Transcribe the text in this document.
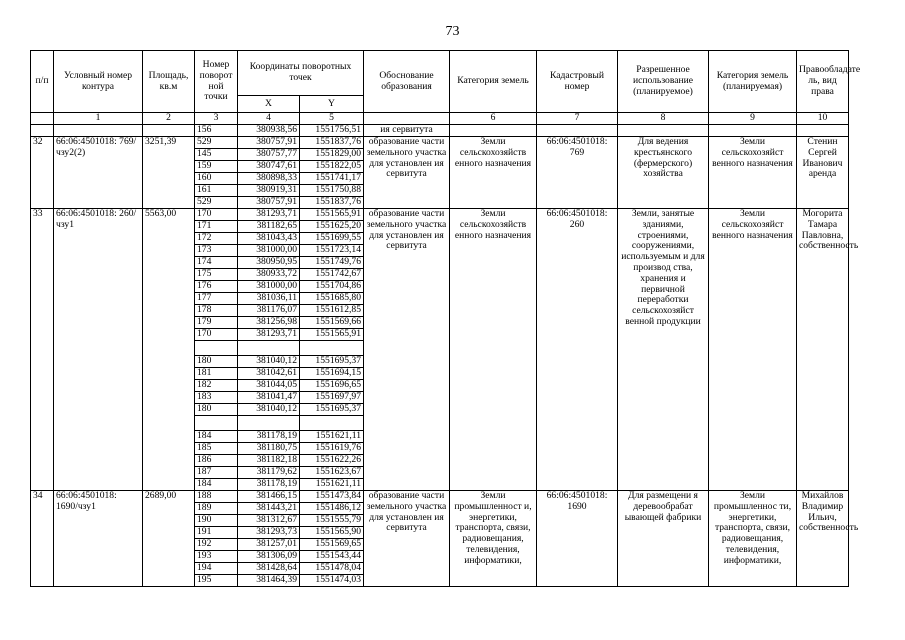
73
п/п	Условный номер контура	Площадь, кв.м	Номер поворот ной точки	Координаты поворотных точек		Обоснование образования	Категория земель	Кадастровый номер	Разрешенное использование (планируемое)	Категория земель (планируемая)	Правообладате ль, вид права
				X	Y						
	1	2	3	4	5		6	7	8	9	10
			156	380938,56	1551756,51	ия сервитута					
32	66:06:4501018: 769/чзу2(2)	3251,39	529	380757,91	1551837,76	образование части земельного участка для установлен ия сервитута	Земли сельскохозяйств енного назначения	66:06:4501018: 769	Для ведения крестьянского (фермерского) хозяйства	Земли сельскохозяйст венного назначения	Стенин Сергей Иванович аренда
			145	380757,77	1551829,00						
			159	380747,61	1551822,05						
			160	380898,33	1551741,17						
			161	380919,31	1551750,88						
			529	380757,91	1551837,76						
33	66:06:4501018: 260/чзу1	5563,00	170	381293,71	1551565,91	образование части земельного участка для установлен ия сервитута	Земли сельскохозяйств енного назначения	66:06:4501018: 260	Земли, занятые зданиями, строениями, сооружениями, используемым и для производ ства, хранения и первичной переработки сельскохозяйст венной продукции	Земли сельскохозяйст венного назначения	Могорита Тамара Павловна, собственность
			171	381182,65	1551625,20						
			172	381043,43	1551699,55						
			173	381000,00	1551723,14						
			174	380950,95	1551749,76						
			175	380933,72	1551742,67						
			176	381000,00	1551704,86						
			177	381036,11	1551685,80						
			178	381176,07	1551612,85						
			179	381256,98	1551569,66						
			170	381293,71	1551565,91						

			180	381040,12	1551695,37						
			181	381042,61	1551694,15						
			182	381044,05	1551696,65						
			183	381041,47	1551697,97						
			180	381040,12	1551695,37						

			184	381178,19	1551621,11						
			185	381180,75	1551619,76						
			186	381182,18	1551622,26						
			187	381179,62	1551623,67						
			184	381178,19	1551621,11						
34	66:06:4501018: 1690/чзу1	2689,00	188	381466,15	1551473,84	образование части земельного участка для установлен ия сервитута	Земли промышленност и, энергетики, транспорта, связи, радиовещания, телевидения, информатики,	66:06:4501018: 1690	Для размещени я деревообрабат ывающей фабрики	Земли промышленнос ти, энергетики, транспорта, связи, радиовещания, телевидения, информатики,	Михайлов Владимир Ильич, собственность
			189	381443,21	1551486,12						
			190	381312,67	1551555,79						
			191	381293,73	1551565,90						
			192	381257,01	1551569,65						
			193	381306,09	1551543,44						
			194	381428,64	1551478,04						
			195	381464,39	1551474,03						
